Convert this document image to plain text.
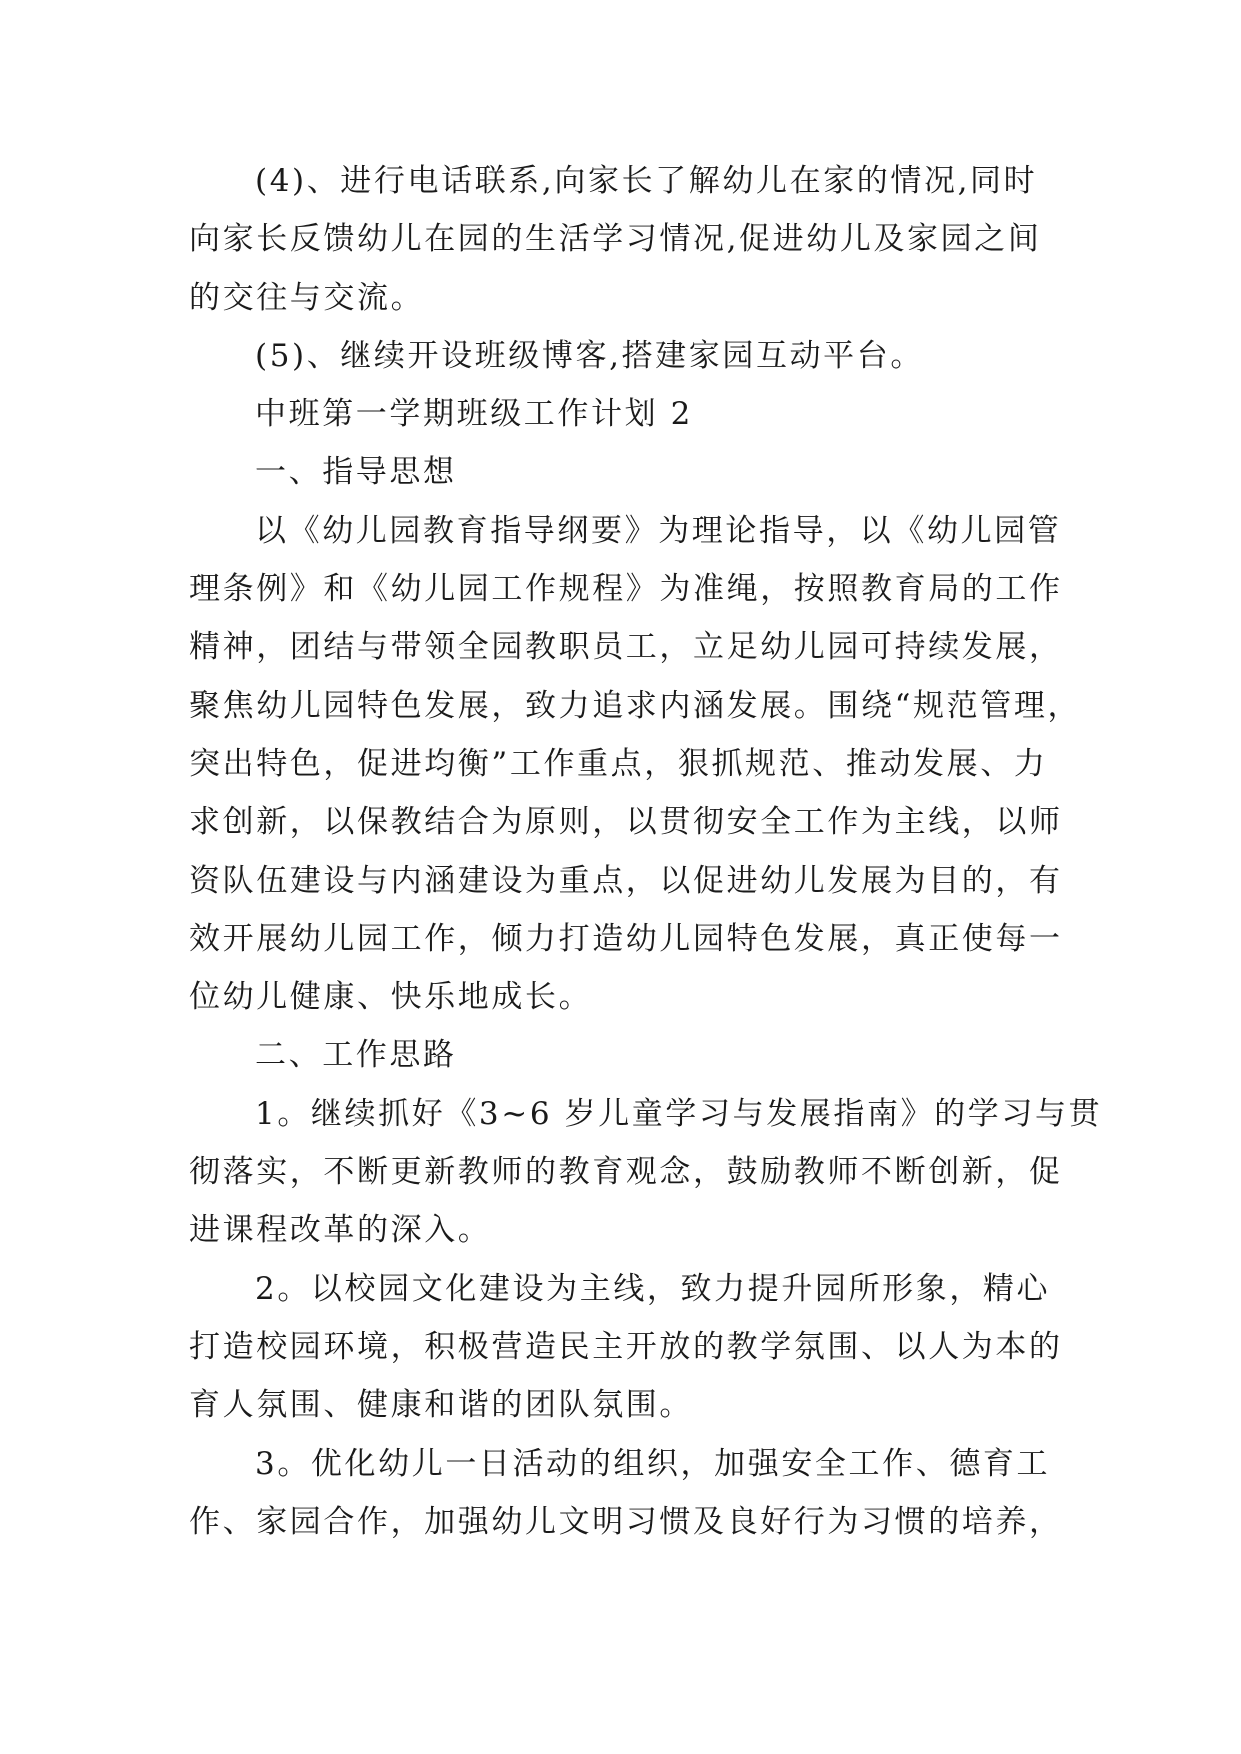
(4)、进行电话联系,向家长了解幼儿在家的情况,同时
向家长反馈幼儿在园的生活学习情况,促进幼儿及家园之间
的交往与交流。

(5)、继续开设班级博客,搭建家园互动平台。

中班第一学期班级工作计划 2

一、指导思想

以《幼儿园教育指导纲要》为理论指导，以《幼儿园管
理条例》和《幼儿园工作规程》为准绳，按照教育局的工作
精神，团结与带领全园教职员工，立足幼儿园可持续发展，
聚焦幼儿园特色发展，致力追求内涵发展。围绕“规范管理，
突出特色，促进均衡”工作重点，狠抓规范、推动发展、力
求创新，以保教结合为原则，以贯彻安全工作为主线，以师
资队伍建设与内涵建设为重点，以促进幼儿发展为目的，有
效开展幼儿园工作，倾力打造幼儿园特色发展，真正使每一
位幼儿健康、快乐地成长。

二、工作思路

1。继续抓好《3~6 岁儿童学习与发展指南》的学习与贯
彻落实，不断更新教师的教育观念，鼓励教师不断创新，促
进课程改革的深入。

2。以校园文化建设为主线，致力提升园所形象，精心
打造校园环境，积极营造民主开放的教学氛围、以人为本的
育人氛围、健康和谐的团队氛围。

3。优化幼儿一日活动的组织，加强安全工作、德育工
作、家园合作，加强幼儿文明习惯及良好行为习惯的培养，
